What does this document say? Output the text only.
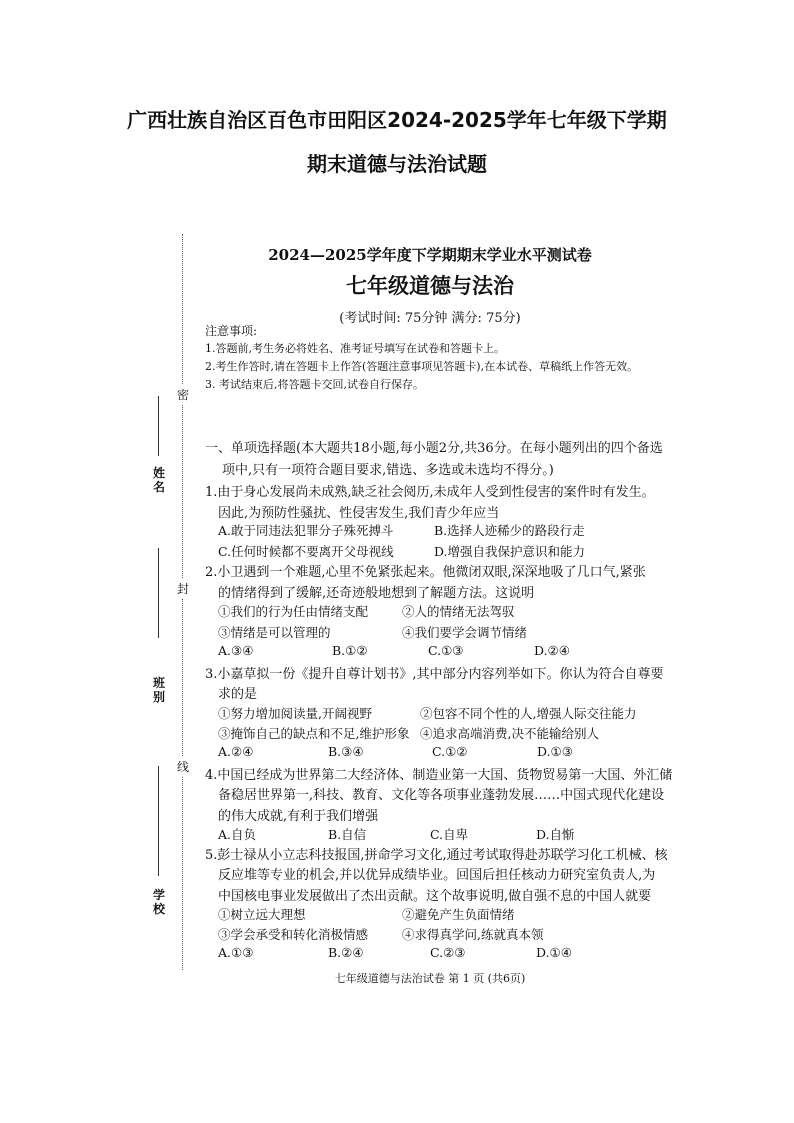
广西壮族自治区百色市田阳区2024-2025学年七年级下学期
期末道德与法治试题
密
封
线
姓名
班别
学校
2024—2025学年度下学期期末学业水平测试卷
七年级道德与法治
(考试时间: 75分钟 满分: 75分)
注意事项:
1.答题前,考生务必将姓名、准考证号填写在试卷和答题卡上。
2.考生作答时,请在答题卡上作答(答题注意事项见答题卡),在本试卷、草稿纸上作答无效。
3. 考试结束后,将答题卡交回,试卷自行保存。
一、单项选择题(本大题共18小题,每小题2分,共36分。在每小题列出的四个备选
项中,只有一项符合题目要求,错选、多选或未选均不得分。)
1.由于身心发展尚未成熟,缺乏社会阅历,未成年人受到性侵害的案件时有发生。
因此,为预防性骚扰、性侵害发生,我们青少年应当
A.敢于同违法犯罪分子殊死搏斗	B.选择人迹稀少的路段行走
C.任何时候都不要离开父母视线	D.增强自我保护意识和能力
2.小卫遇到一个难题,心里不免紧张起来。他微闭双眼,深深地吸了几口气,紧张
的情绪得到了缓解,还奇迹般地想到了解题方法。这说明
①我们的行为任由情绪支配	②人的情绪无法驾驭
③情绪是可以管理的	④我们要学会调节情绪
A.③④	B.①②	C.①③	D.②④
3.小嘉草拟一份《提升自尊计划书》,其中部分内容列举如下。你认为符合自尊要
求的是
①努力增加阅读量,开阔视野	②包容不同个性的人,增强人际交往能力
③掩饰自己的缺点和不足,维护形象 ④追求高端消费,决不能输给别人
A.②④	B.③④	C.①②	D.①③
4.中国已经成为世界第二大经济体、制造业第一大国、货物贸易第一大国、外汇储
备稳居世界第一,科技、教育、文化等各项事业蓬勃发展……中国式现代化建设
的伟大成就,有利于我们增强
A.自负	B.自信	C.自卑	D.自惭
5.彭士禄从小立志科技报国,拼命学习文化,通过考试取得赴苏联学习化工机械、核
反应堆等专业的机会,并以优异成绩毕业。回国后担任核动力研究室负责人,为
中国核电事业发展做出了杰出贡献。这个故事说明,做自强不息的中国人就要
①树立远大理想	②避免产生负面情绪
③学会承受和转化消极情感	④求得真学问,练就真本领
A.①③	B.②④	C.②③	D.①④
七年级道德与法治试卷 第 1 页 (共6页)
